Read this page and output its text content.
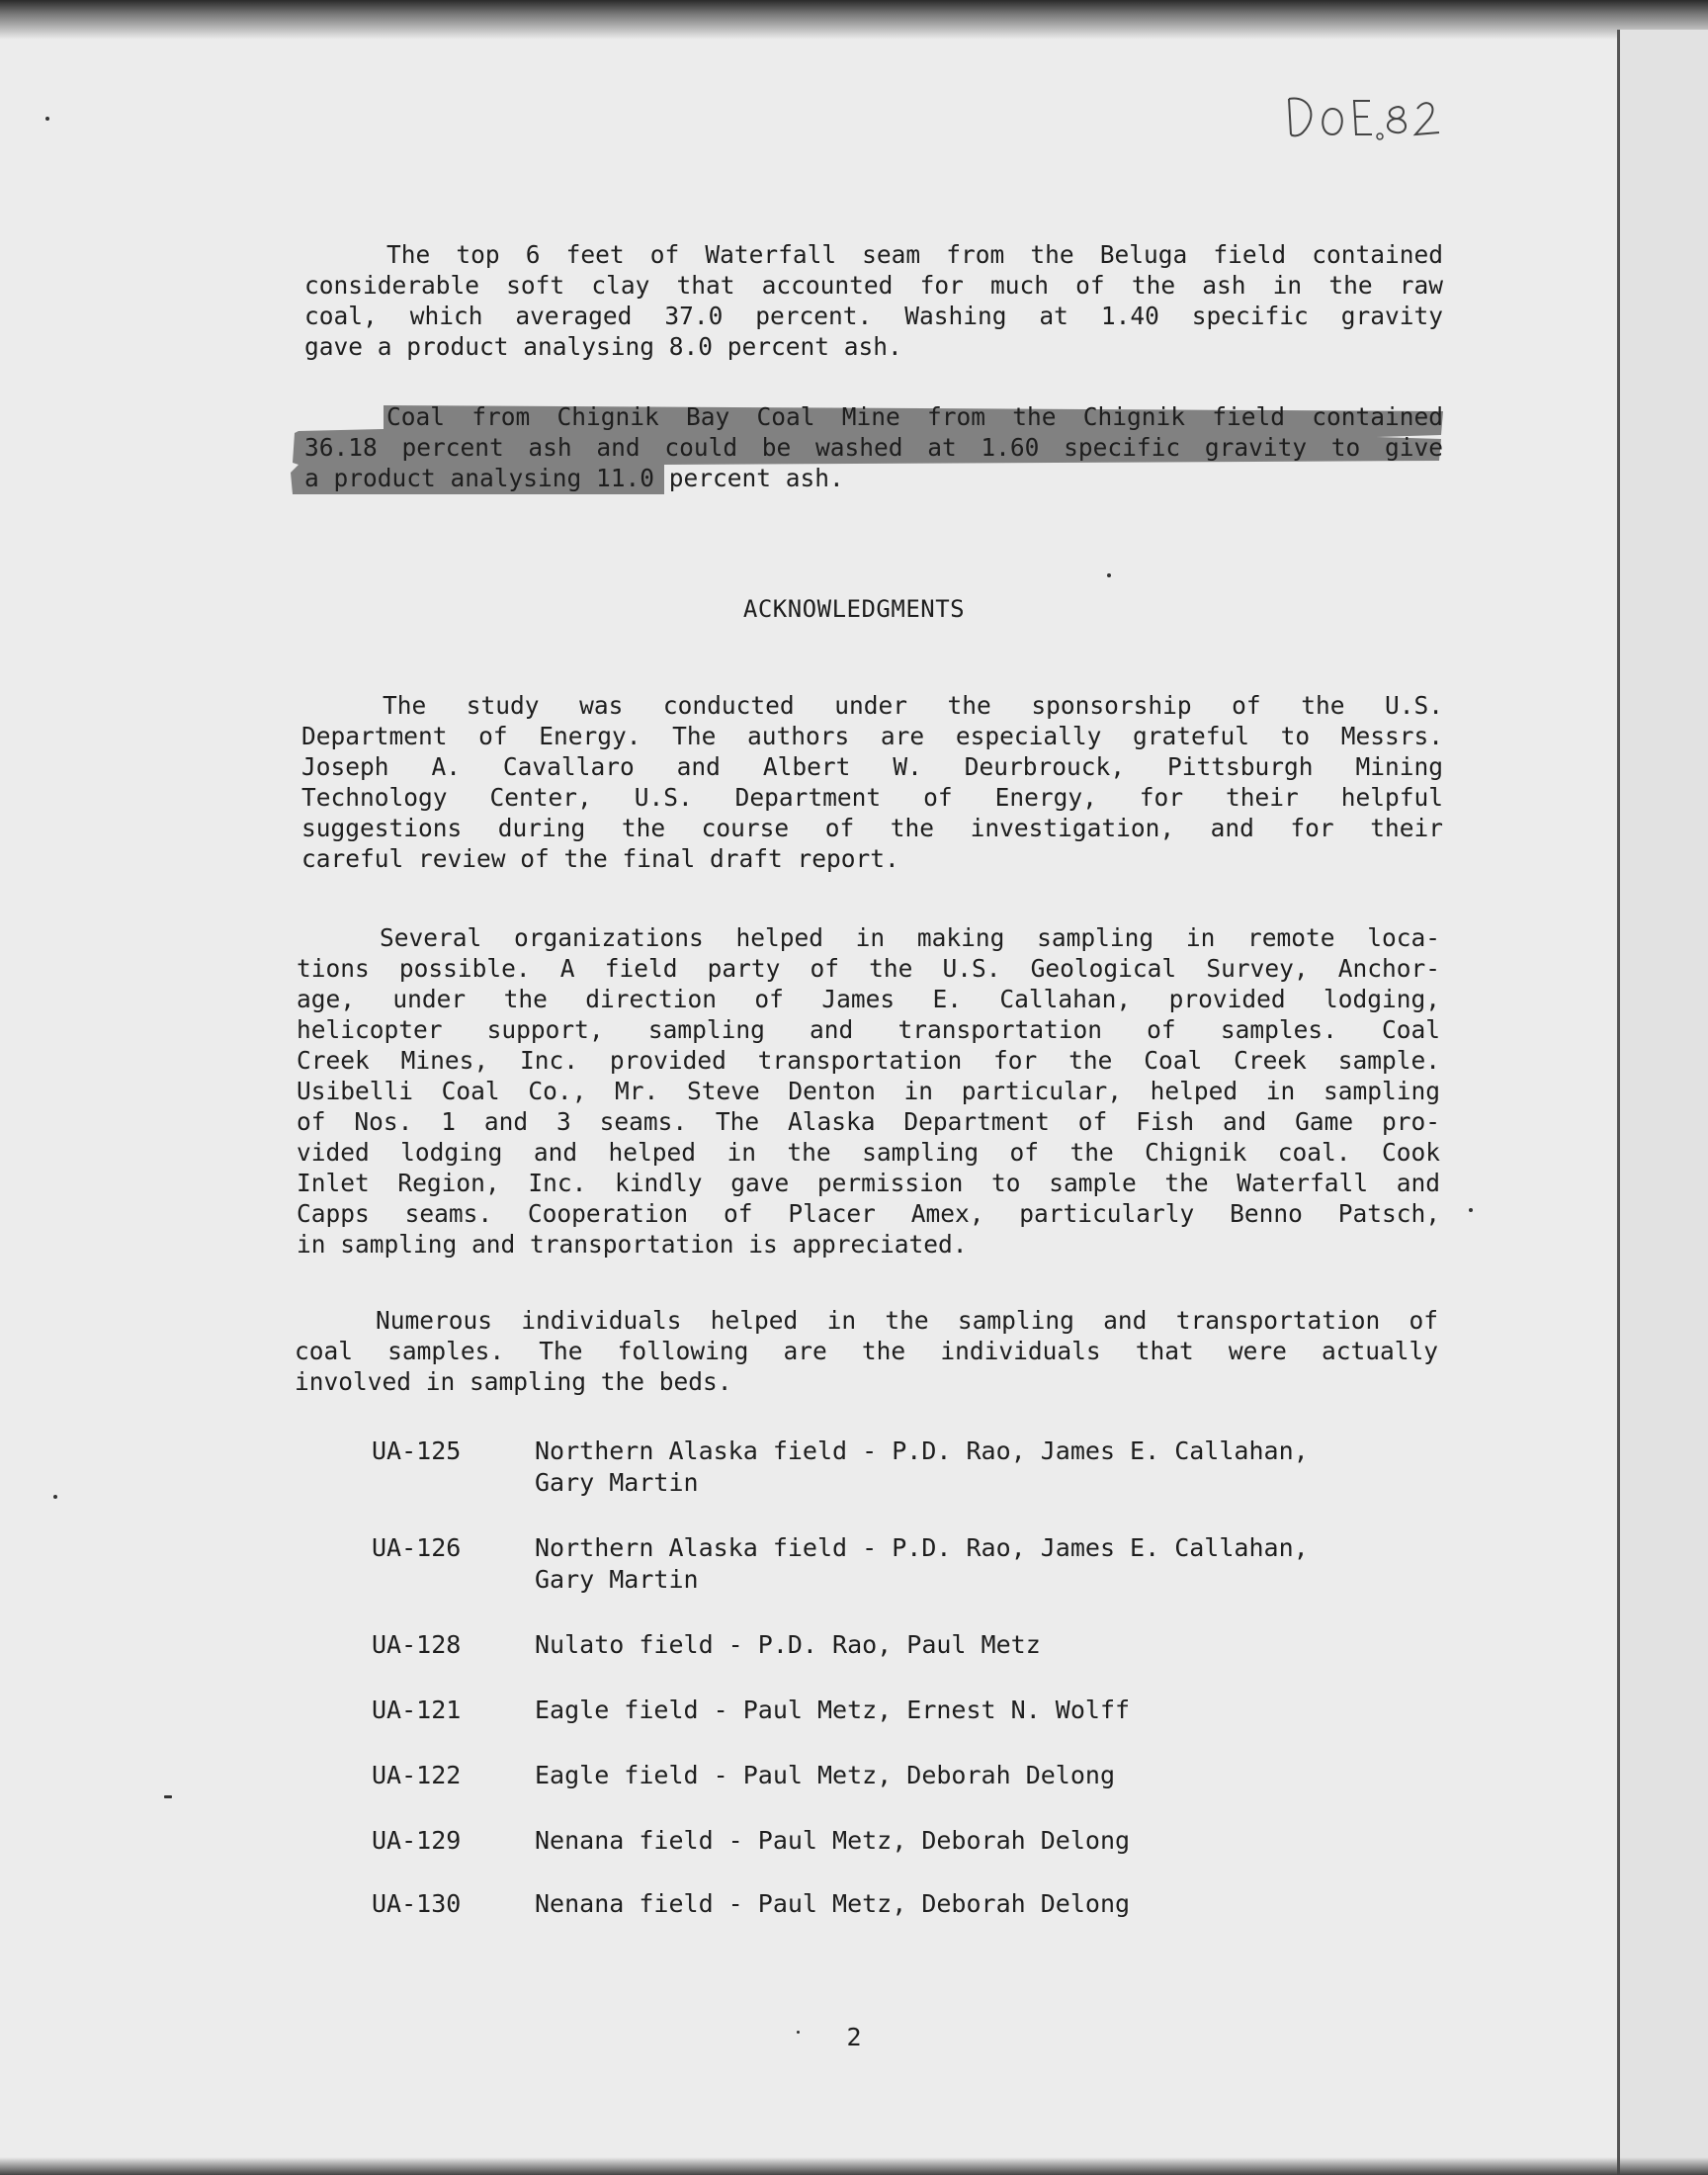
The top 6 feet of Waterfall seam from the Beluga field contained
considerable soft clay that accounted for much of the ash in the raw
coal, which averaged 37.0 percent. Washing at 1.40 specific gravity
gave a product analysing 8.0 percent ash.
Coal from Chignik Bay Coal Mine from the Chignik field contained
36.18 percent ash and could be washed at 1.60 specific gravity to give
a product analysing 11.0 percent ash.
ACKNOWLEDGMENTS
The study was conducted under the sponsorship of the U.S.
Department of Energy. The authors are especially grateful to Messrs.
Joseph A. Cavallaro and Albert W. Deurbrouck, Pittsburgh Mining
Technology Center, U.S. Department of Energy, for their helpful
suggestions during the course of the investigation, and for their
careful review of the final draft report.
Several organizations helped in making sampling in remote loca-
tions possible. A field party of the U.S. Geological Survey, Anchor-
age, under the direction of James E. Callahan, provided lodging,
helicopter support, sampling and transportation of samples. Coal
Creek Mines, Inc. provided transportation for the Coal Creek sample.
Usibelli Coal Co., Mr. Steve Denton in particular, helped in sampling
of Nos. 1 and 3 seams. The Alaska Department of Fish and Game pro-
vided lodging and helped in the sampling of the Chignik coal. Cook
Inlet Region, Inc. kindly gave permission to sample the Waterfall and
Capps seams. Cooperation of Placer Amex, particularly Benno Patsch,
in sampling and transportation is appreciated.
Numerous individuals helped in the sampling and transportation of
coal samples. The following are the individuals that were actually
involved in sampling the beds.
UA-125	Northern Alaska field - P.D. Rao, James E. Callahan,
Gary Martin
UA-126	Northern Alaska field - P.D. Rao, James E. Callahan,
Gary Martin
UA-128	Nulato field - P.D. Rao, Paul Metz
UA-121	Eagle field - Paul Metz, Ernest N. Wolff
UA-122	Eagle field - Paul Metz, Deborah Delong
UA-129	Nenana field - Paul Metz, Deborah Delong
UA-130	Nenana field - Paul Metz, Deborah Delong
2
